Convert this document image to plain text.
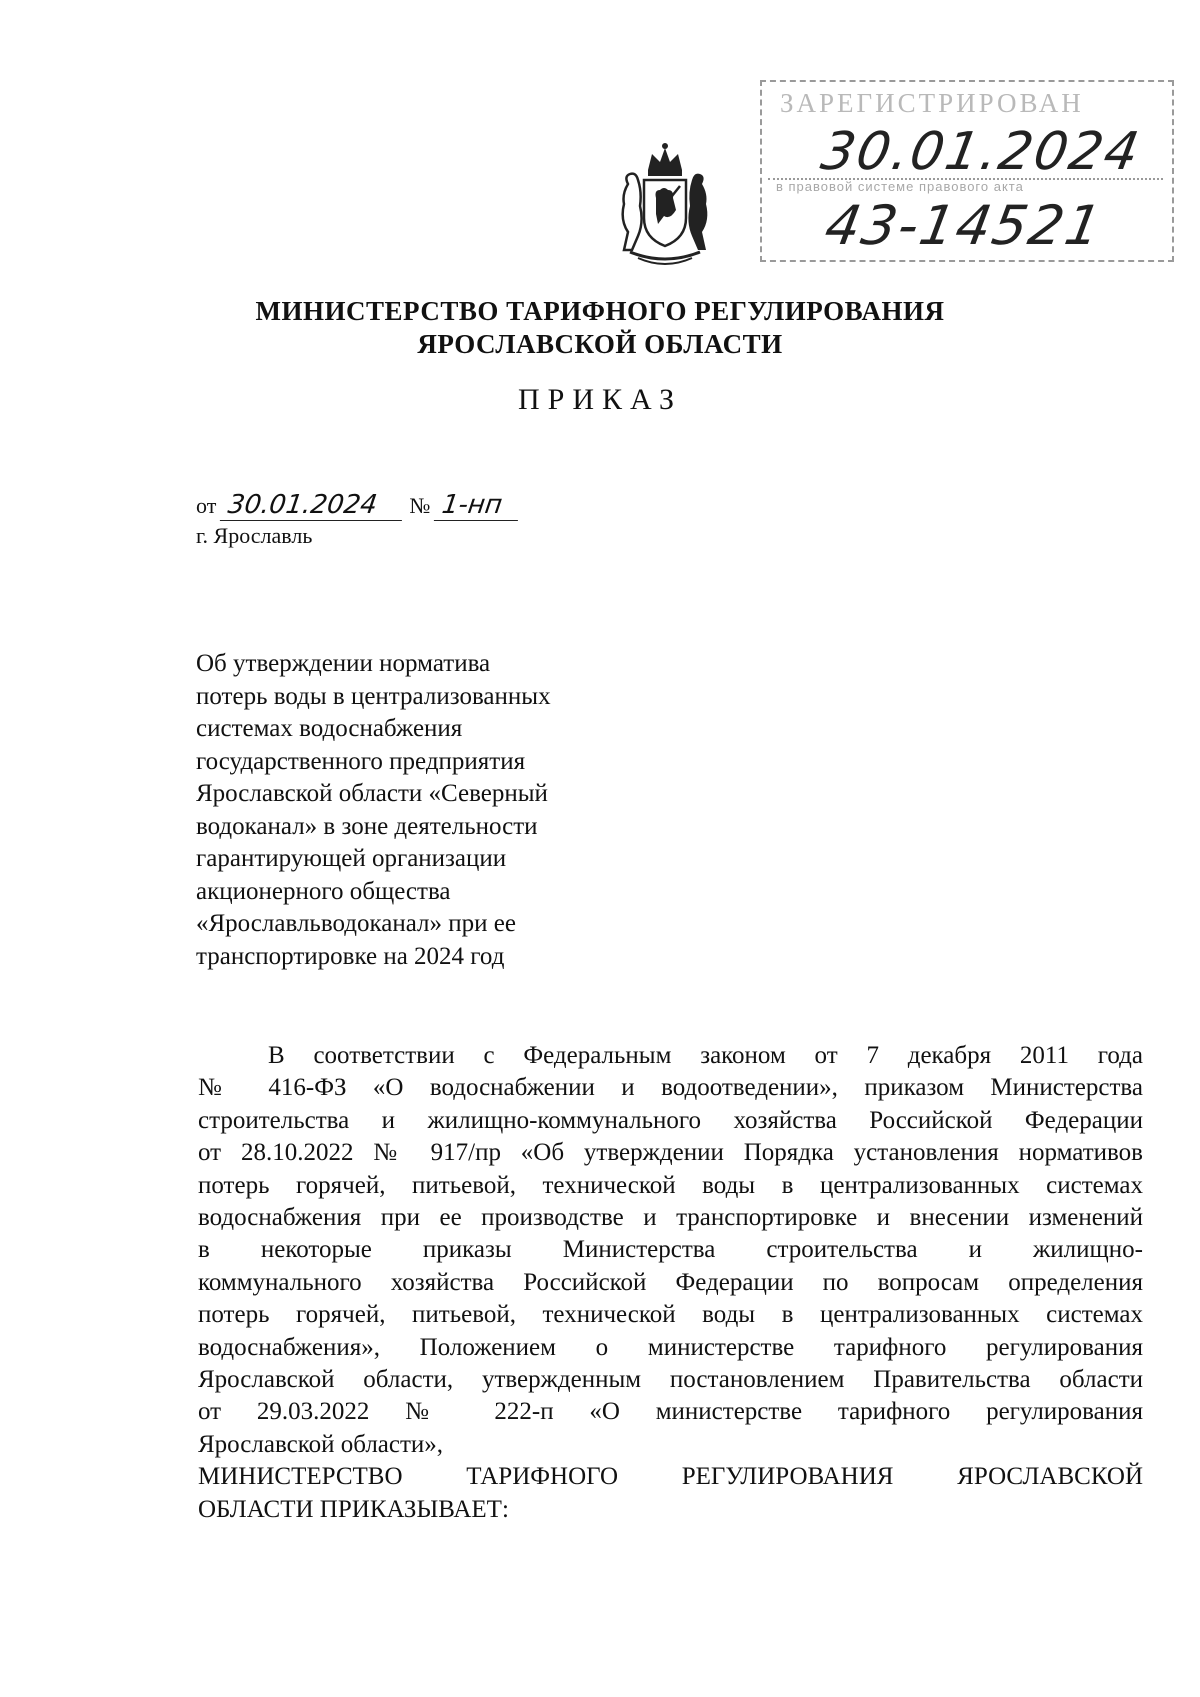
ЗАРЕГИСТРИРОВАН
30.01.2024
в правовой системе правового акта
43-14521
МИНИСТЕРСТВО ТАРИФНОГО РЕГУЛИРОВАНИЯ
ЯРОСЛАВСКОЙ ОБЛАСТИ
ПРИКАЗ
от 30.01.2024 № 1-нп
г. Ярославль
Об утверждении норматива
потерь воды в централизованных
системах водоснабжения
государственного предприятия
Ярославской области «Северный
водоканал» в зоне деятельности
гарантирующей организации
акционерного общества
«Ярославльводоканал» при ее
транспортировке на 2024 год
В соответствии с Федеральным законом от 7 декабря 2011 года
№ 416-ФЗ «О водоснабжении и водоотведении», приказом Министерства
строительства и жилищно-коммунального хозяйства Российской Федерации
от 28.10.2022 № 917/пр «Об утверждении Порядка установления нормативов
потерь горячей, питьевой, технической воды в централизованных системах
водоснабжения при ее производстве и транспортировке и внесении изменений
в некоторые приказы Министерства строительства и жилищно-
коммунального хозяйства Российской Федерации по вопросам определения
потерь горячей, питьевой, технической воды в централизованных системах
водоснабжения», Положением о министерстве тарифного регулирования
Ярославской области, утвержденным постановлением Правительства области
от 29.03.2022 № 222-п «О министерстве тарифного регулирования
Ярославской области»,
МИНИСТЕРСТВО ТАРИФНОГО РЕГУЛИРОВАНИЯ ЯРОСЛАВСКОЙ
ОБЛАСТИ ПРИКАЗЫВАЕТ:
